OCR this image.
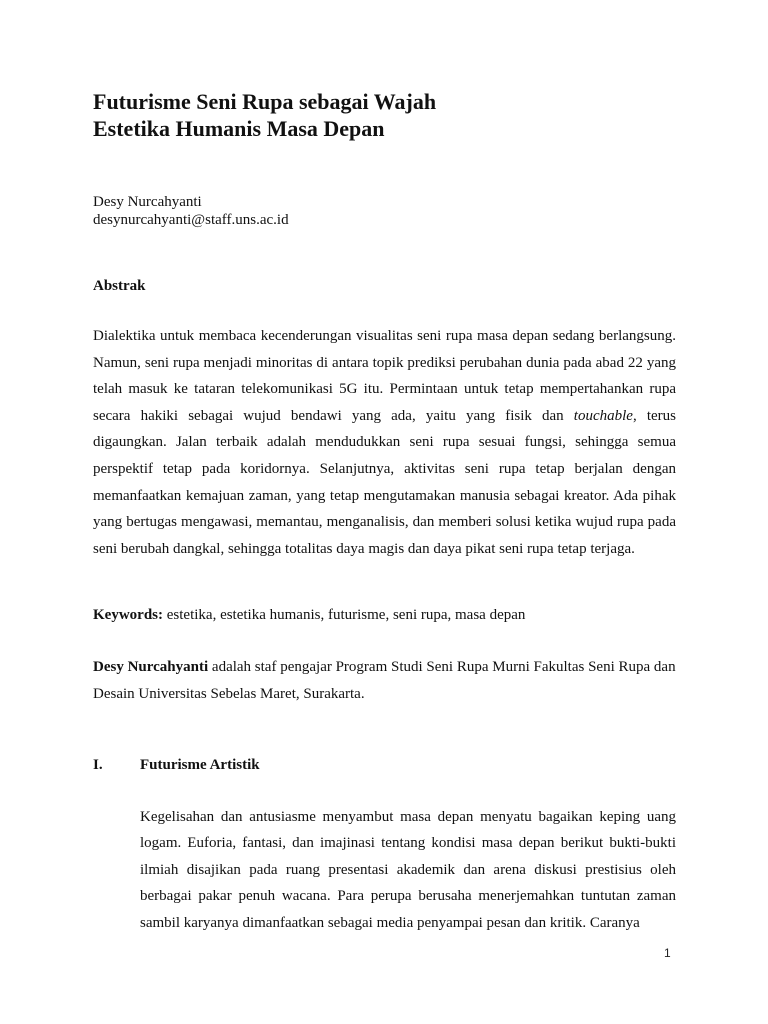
Futurisme Seni Rupa sebagai Wajah
Estetika Humanis Masa Depan
Desy Nurcahyanti
desynurcahyanti@staff.uns.ac.id
Abstrak
Dialektika untuk membaca kecenderungan visualitas seni rupa masa depan sedang berlangsung. Namun, seni rupa menjadi minoritas di antara topik prediksi perubahan dunia pada abad 22 yang telah masuk ke tataran telekomunikasi 5G itu. Permintaan untuk tetap mempertahankan rupa secara hakiki sebagai wujud bendawi yang ada, yaitu yang fisik dan touchable, terus digaungkan. Jalan terbaik adalah mendudukkan seni rupa sesuai fungsi, sehingga semua perspektif tetap pada koridornya. Selanjutnya, aktivitas seni rupa tetap berjalan dengan memanfaatkan kemajuan zaman, yang tetap mengutamakan manusia sebagai kreator. Ada pihak yang bertugas mengawasi, memantau, menganalisis, dan memberi solusi ketika wujud rupa pada seni berubah dangkal, sehingga totalitas daya magis dan daya pikat seni rupa tetap terjaga.
Keywords: estetika, estetika humanis, futurisme, seni rupa, masa depan
Desy Nurcahyanti adalah staf pengajar Program Studi Seni Rupa Murni Fakultas Seni Rupa dan Desain Universitas Sebelas Maret, Surakarta.
I. Futurisme Artistik
Kegelisahan dan antusiasme menyambut masa depan menyatu bagaikan keping uang logam. Euforia, fantasi, dan imajinasi tentang kondisi masa depan berikut bukti-bukti ilmiah disajikan pada ruang presentasi akademik dan arena diskusi prestisius oleh berbagai pakar penuh wacana. Para perupa berusaha menerjemahkan tuntutan zaman sambil karyanya dimanfaatkan sebagai media penyampai pesan dan kritik. Caranya
1
